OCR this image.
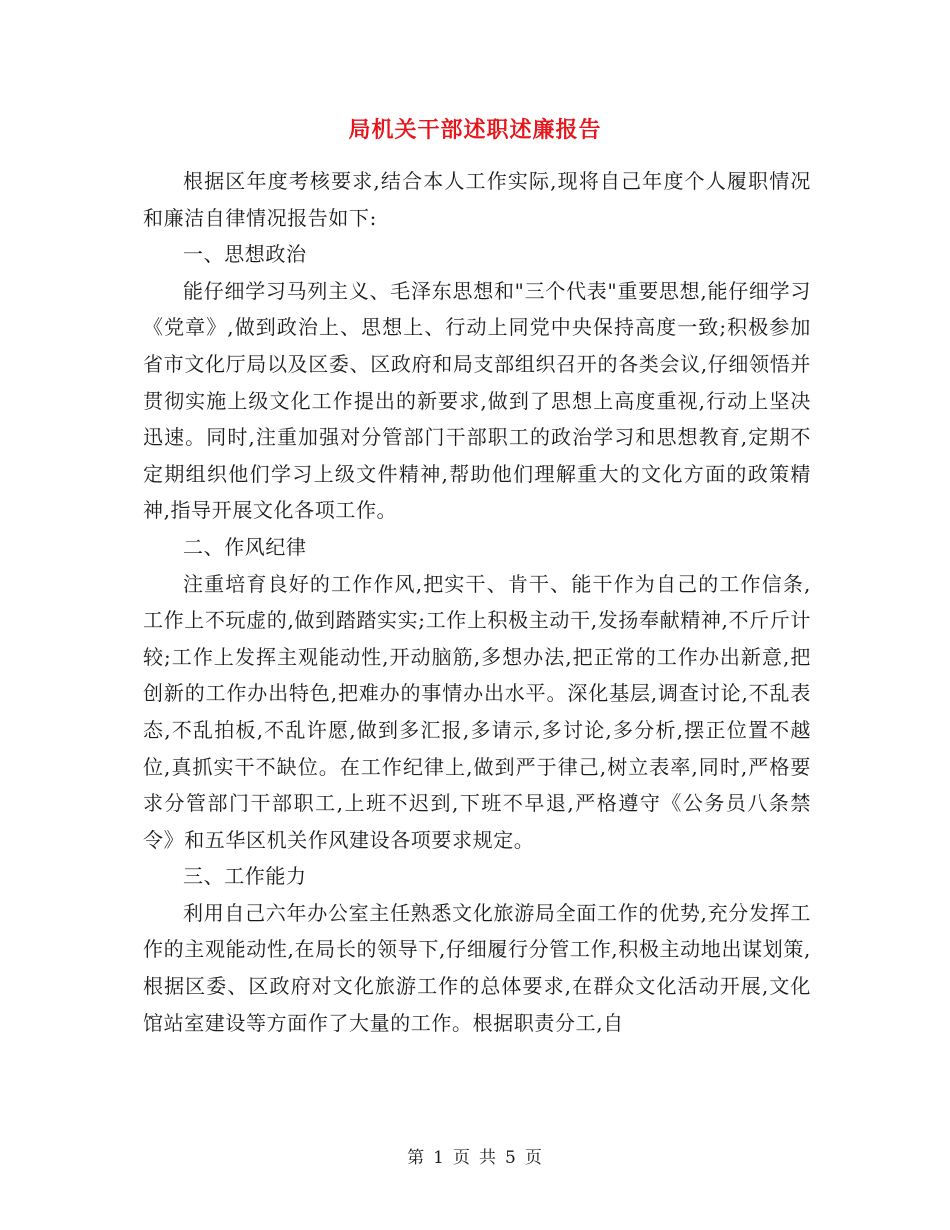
局机关干部述职述廉报告

根据区年度考核要求,结合本人工作实际,现将自己年度个人履职情况和廉洁自律情况报告如下:

一、思想政治

能仔细学习马列主义、毛泽东思想和"三个代表"重要思想,能仔细学习《党章》,做到政治上、思想上、行动上同党中央保持高度一致;积极参加省市文化厅局以及区委、区政府和局支部组织召开的各类会议,仔细领悟并贯彻实施上级文化工作提出的新要求,做到了思想上高度重视,行动上坚决迅速。同时,注重加强对分管部门干部职工的政治学习和思想教育,定期不定期组织他们学习上级文件精神,帮助他们理解重大的文化方面的政策精神,指导开展文化各项工作。

二、作风纪律

注重培育良好的工作作风,把实干、肯干、能干作为自己的工作信条,工作上不玩虚的,做到踏踏实实;工作上积极主动干,发扬奉献精神,不斤斤计较;工作上发挥主观能动性,开动脑筋,多想办法,把正常的工作办出新意,把创新的工作办出特色,把难办的事情办出水平。深化基层,调查讨论,不乱表态,不乱拍板,不乱许愿,做到多汇报,多请示,多讨论,多分析,摆正位置不越位,真抓实干不缺位。在工作纪律上,做到严于律己,树立表率,同时,严格要求分管部门干部职工,上班不迟到,下班不早退,严格遵守《公务员八条禁令》和五华区机关作风建设各项要求规定。

三、工作能力

利用自己六年办公室主任熟悉文化旅游局全面工作的优势,充分发挥工作的主观能动性,在局长的领导下,仔细履行分管工作,积极主动地出谋划策,根据区委、区政府对文化旅游工作的总体要求,在群众文化活动开展,文化馆站室建设等方面作了大量的工作。根据职责分工,自

第 1 页 共 5 页
